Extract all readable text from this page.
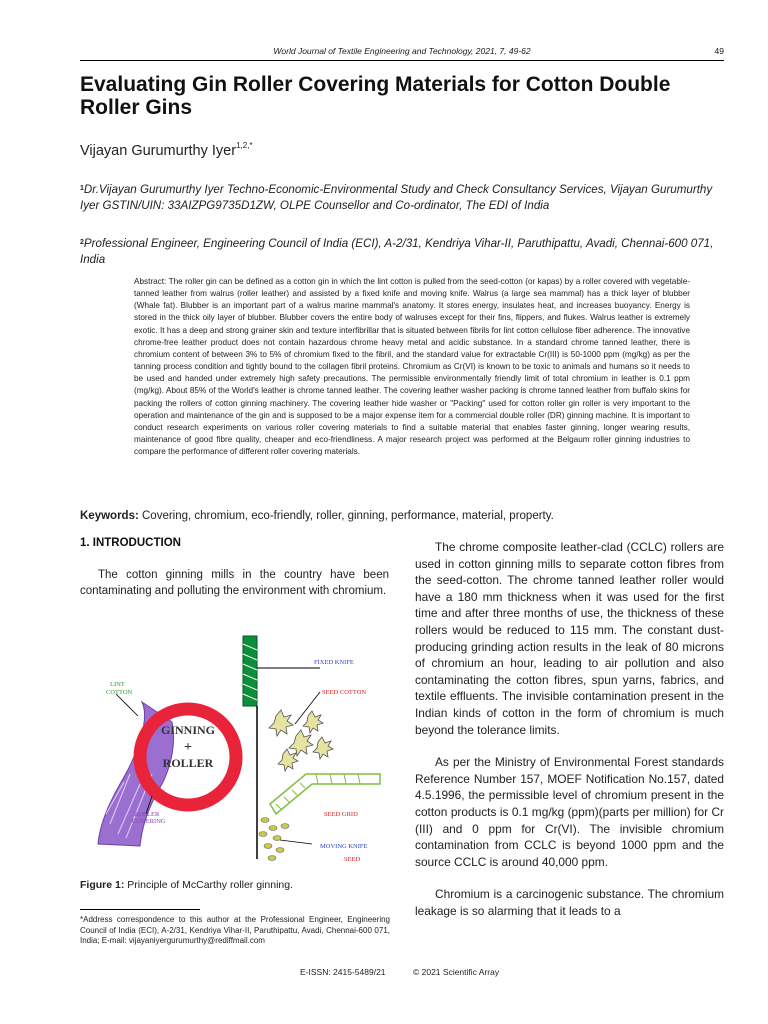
World Journal of Textile Engineering and Technology, 2021, 7, 49-62	49
Evaluating Gin Roller Covering Materials for Cotton Double Roller Gins
Vijayan Gurumurthy Iyer$^{1,2,*}$
$^1$Dr.Vijayan Gurumurthy Iyer Techno-Economic-Environmental Study and Check Consultancy Services, Vijayan Gurumurthy Iyer GSTIN/UIN: 33AIZPG9735D1ZW, OLPE Counsellor and Co-ordinator, The EDI of India
$^2$Professional Engineer, Engineering Council of India (ECI), A-2/31, Kendriya Vihar-II, Paruthipattu, Avadi, Chennai-600 071, India
Abstract: The roller gin can be defined as a cotton gin in which the lint cotton is pulled from the seed-cotton (or kapas) by a roller covered with vegetable-tanned leather from walrus (roller leather) and assisted by a fixed knife and moving knife. Walrus (a large sea mammal) has a thick layer of blubber (Whale fat). Blubber is an important part of a walrus marine mammal's anatomy. It stores energy, insulates heat, and increases buoyancy. Energy is stored in the thick oily layer of blubber. Blubber covers the entire body of walruses except for their fins, flippers, and flukes. Walrus leather is extremely exotic. It has a deep and strong grainer skin and texture interfibrillar that is situated between fibrils for lint cotton cellulose fiber adherence. The innovative chrome-free leather product does not contain hazardous chrome heavy metal and acidic substance. In a standard chrome tanned leather, there is chromium content of between 3% to 5% of chromium fixed to the fibril, and the standard value for extractable Cr(III) is 50-1000 ppm (mg/kg) as per the tanning process condition and tightly bound to the collagen fibril proteins. Chromium as Cr(VI) is known to be toxic to animals and humans so it needs to be used and handed under extremely high safety precautions. The permissible environmentally friendly limit of total chromium in leather is 0.1 ppm (mg/kg). About 85% of the World's leather is chrome tanned leather. The covering leather washer packing is chrome tanned leather from buffalo skins for packing the rollers of cotton ginning machinery. The covering leather hide washer or "Packing" used for cotton roller gin roller is very important to the operation and maintenance of the gin and is supposed to be a major expense item for a commercial double roller (DR) ginning machine. It is important to conduct research experiments on various roller covering materials to find a suitable material that enables faster ginning, longer wearing results, maintenance of good fibre quality, cheaper and eco-friendliness. A major research project was performed at the Belgaum roller ginning industries to compare the performance of different roller covering materials.
Keywords: Covering, chromium, eco-friendly, roller, ginning, performance, material, property.
1. INTRODUCTION

The cotton ginning mills in the country have been contaminating and polluting the environment with chromium.

GINNING
+
ROLLER
FIXED KNIFE
SEED COTTON
LINT
COTTON
ROLLER
COVERING
SEED GRID
MOVING KNIFE
SEED
Figure 1: Principle of McCarthy roller ginning.

*Address correspondence to this author at the Professional Engineer, Engineering Council of India (ECI), A-2/31, Kendriya Vihar-II, Paruthipattu, Avadi, Chennai-600 071, India; E-mail: vijayaniyergurumurthy@rediffmail.com

The chrome composite leather-clad (CCLC) rollers are used in cotton ginning mills to separate cotton fibres from the seed-cotton. The chrome tanned leather roller would have a 180 mm thickness when it was used for the first time and after three months of use, the thickness of these rollers would be reduced to 115 mm. The constant dust-producing grinding action results in the leak of 80 microns of chromium an hour, leading to air pollution and also contaminating the cotton fibres, spun yarns, fabrics, and textile effluents. The invisible contamination present in the Indian kinds of cotton in the form of chromium is much beyond the tolerance limits.

As per the Ministry of Environmental Forest standards Reference Number 157, MOEF Notification No.157, dated 4.5.1996, the permissible level of chromium present in the cotton products is 0.1 mg/kg (ppm)(parts per million) for Cr (III) and 0 ppm for Cr(VI). The invisible chromium contamination from CCLC is beyond 1000 ppm and the source CCLC is around 40,000 ppm.

Chromium is a carcinogenic substance. The chromium leakage is so alarming that it leads to a

E-ISSN: 2415-5489/21	© 2021 Scientific Array
